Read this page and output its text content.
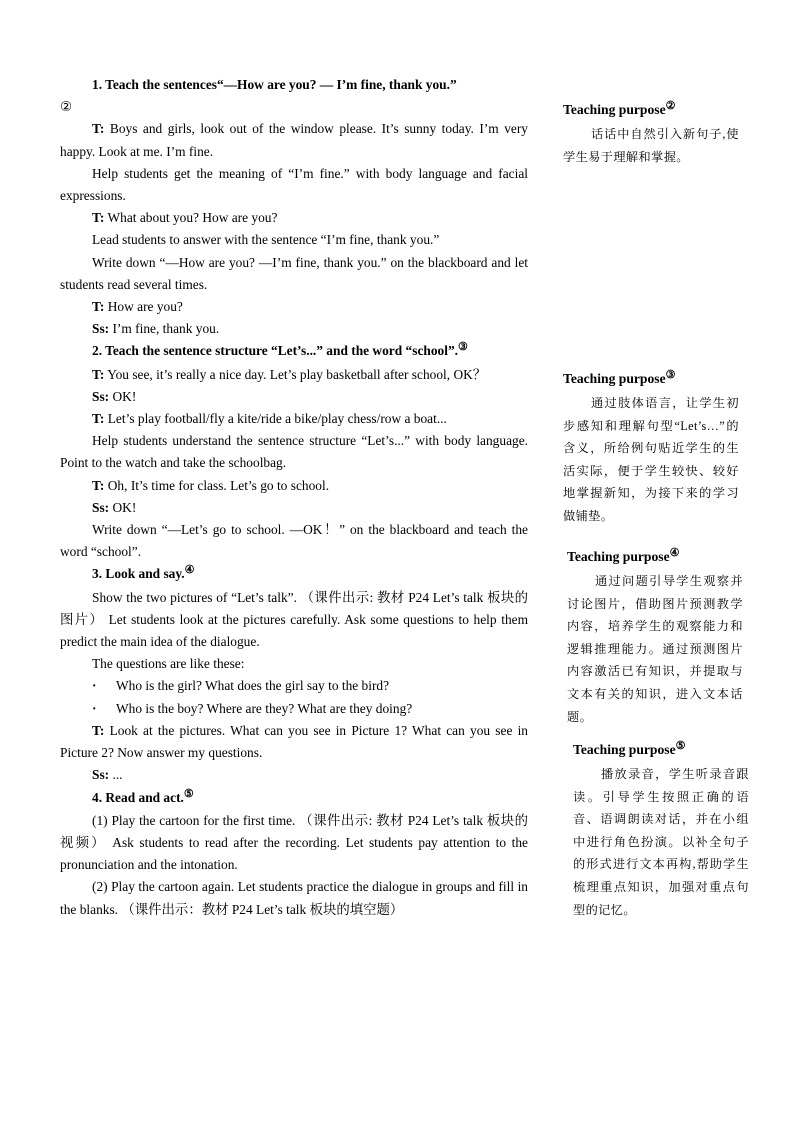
1. Teach the sentences“—How are you? — I’m fine, thank you.”

②

T: Boys and girls, look out of the window please. It’s sunny today. I’m very happy. Look at me. I’m fine.

Help students get the meaning of “I’m fine.” with body language and facial expressions.

T: What about you? How are you?

Lead students to answer with the sentence “I’m fine, thank you.”

Write down “—How are you? —I’m fine, thank you.” on the blackboard and let students read several times.

T: How are you?

Ss: I’m fine, thank you.

2. Teach the sentence structure “Let’s...” and the word “school”.③

T: You see, it’s really a nice day. Let’s play basketball after school, OK？

Ss: OK!

T: Let’s play football/fly a kite/ride a bike/play chess/row a boat...

Help students understand the sentence structure “Let’s...” with body language. Point to the watch and take the schoolbag.

T: Oh, It’s time for class. Let’s go to school.

Ss: OK!

Write down “—Let’s go to school. —OK！” on the blackboard and teach the word “school”.

3. Look and say.④

Show the two pictures of “Let’s talk”. （课件出示: 教材 P24 Let’s talk 板块的图片） Let students look at the pictures carefully. Ask some questions to help them predict the main idea of the dialogue.

The questions are like these:

· Who is the girl? What does the girl say to the bird?

· Who is the boy? Where are they? What are they doing?

T: Look at the pictures. What can you see in Picture 1? What can you see in Picture 2? Now answer my questions.

Ss: ...

4. Read and act.⑤

(1) Play the cartoon for the first time. （课件出示: 教材 P24 Let’s talk 板块的视频） Ask students to read after the recording. Let students pay attention to the pronunciation and the intonation.

(2) Play the cartoon again. Let students practice the dialogue in groups and fill in the blanks. （课件出示：教材 P24 Let’s talk 板块的填空题）

Teaching purpose②

话话中自然引入新句子,使学生易于理解和掌握。

Teaching purpose③

通过肢体语言，让学生初步感知和理解句型“Let’s…”的含义，所给例句贴近学生的生活实际，便于学生较快、较好地掌握新知，为接下来的学习做铺垫。

Teaching purpose④

通过问题引导学生观察并讨论图片，借助图片预测教学内容，培养学生的观察能力和逻辑推理能力。通过预测图片内容激活已有知识，并提取与文本有关的知识，进入文本话题。

Teaching purpose⑤

播放录音，学生听录音跟读。引导学生按照正确的语音、语调朗读对话，并在小组中进行角色扮演。以补全句子的形式进行文本再构,帮助学生梳理重点知识，加强对重点句型的记忆。
